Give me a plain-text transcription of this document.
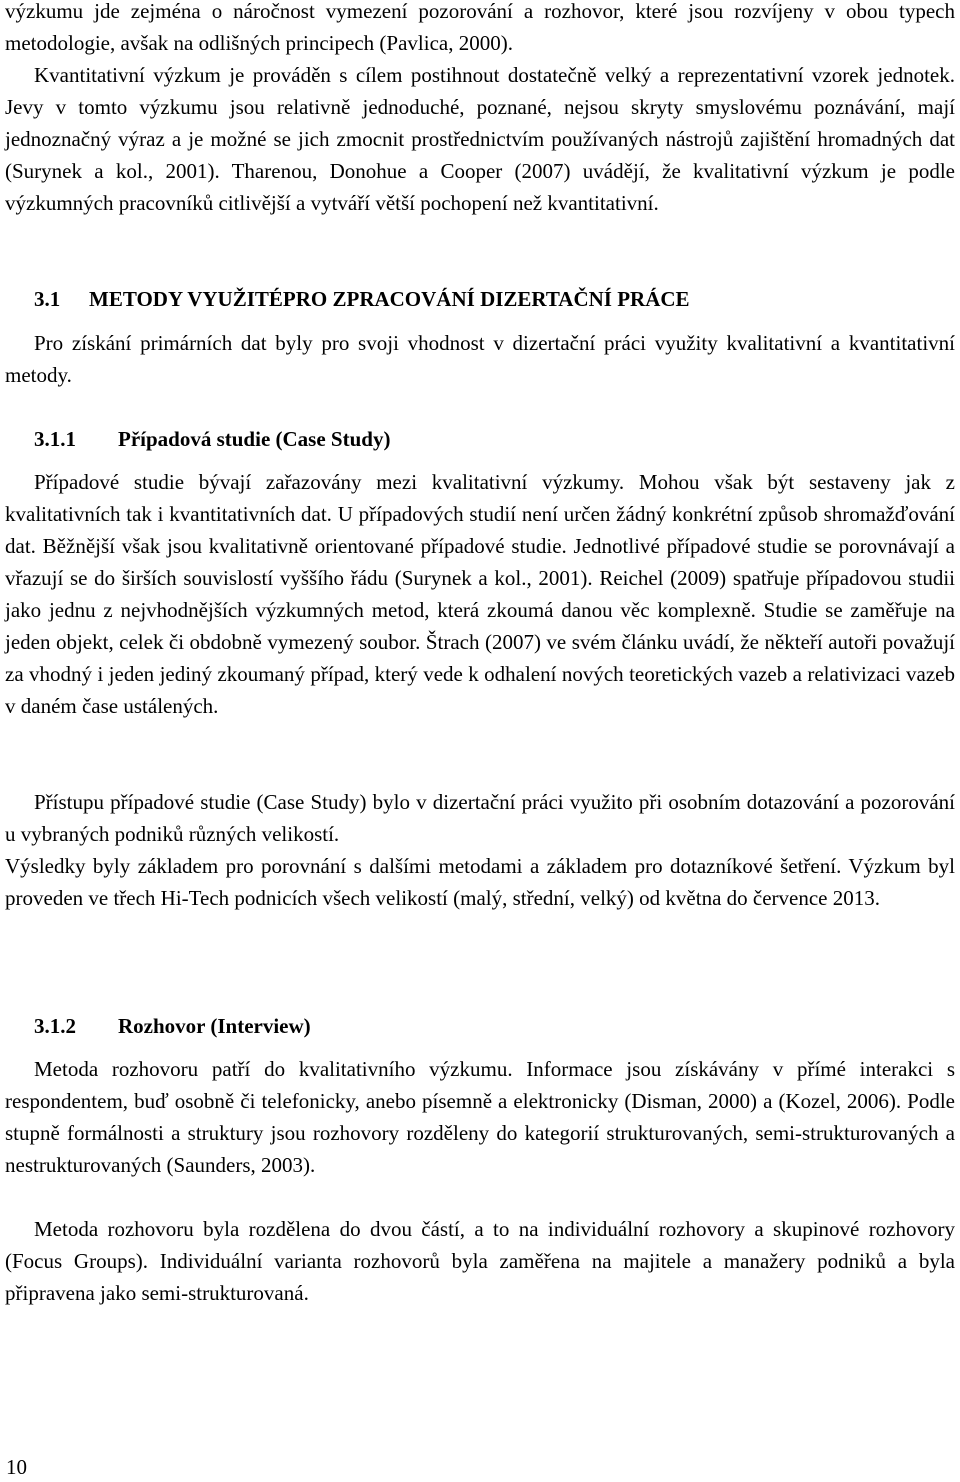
výzkumu jde zejména o náročnost vymezení pozorování a rozhovor, které jsou rozvíjeny v obou typech metodologie, avšak na odlišných principech (Pavlica, 2000).

Kvantitativní výzkum je prováděn s cílem postihnout dostatečně velký a reprezentativní vzorek jednotek. Jevy v tomto výzkumu jsou relativně jednoduché, poznané, nejsou skryty smyslovému poznávání, mají jednoznačný výraz a je možné se jich zmocnit prostřednictvím používaných nástrojů zajištění hromadných dat (Surynek a kol., 2001). Tharenou, Donohue a Cooper (2007) uvádějí, že kvalitativní výzkum je podle výzkumných pracovníků citlivější a vytváří větší pochopení než kvantitativní.

3.1	METODY VYUŽITÉPRO ZPRACOVÁNÍ DIZERTAČNÍ PRÁCE

Pro získání primárních dat byly pro svoji vhodnost v dizertační práci využity kvalitativní a kvantitativní metody.

3.1.1	Případová studie (Case Study)

Případové studie bývají zařazovány mezi kvalitativní výzkumy. Mohou však být sestaveny jak z kvalitativních tak i kvantitativních dat. U případových studií není určen žádný konkrétní způsob shromažďování dat. Běžnější však jsou kvalitativně orientované případové studie. Jednotlivé případové studie se porovnávají a vřazují se do širších souvislostí vyššího řádu (Surynek a kol., 2001). Reichel (2009) spatřuje případovou studii jako jednu z nejvhodnějších výzkumných metod, která zkoumá danou věc komplexně. Studie se zaměřuje na jeden objekt, celek či obdobně vymezený soubor. Štrach (2007) ve svém článku uvádí, že někteří autoři považují za vhodný i jeden jediný zkoumaný případ, který vede k odhalení nových teoretických vazeb a relativizaci vazeb v daném čase ustálených.

Přístupu případové studie (Case Study) bylo v dizertační práci využito při osobním dotazování a pozorování u vybraných podniků různých velikostí.

Výsledky byly základem pro porovnání s dalšími metodami a základem pro dotazníkové šetření. Výzkum byl proveden ve třech Hi-Tech podnicích všech velikostí (malý, střední, velký) od května do července 2013.

3.1.2	Rozhovor (Interview)

Metoda rozhovoru patří do kvalitativního výzkumu. Informace jsou získávány v přímé interakci s respondentem, buď osobně či telefonicky, anebo písemně a elektronicky (Disman, 2000) a (Kozel, 2006). Podle stupně formálnosti a struktury jsou rozhovory rozděleny do kategorií strukturovaných, semi-strukturovaných a nestrukturovaných (Saunders, 2003).

Metoda rozhovoru byla rozdělena do dvou částí, a to na individuální rozhovory a skupinové rozhovory (Focus Groups). Individuální varianta rozhovorů byla zaměřena na majitele a manažery podniků a byla připravena jako semi-strukturovaná.

10
